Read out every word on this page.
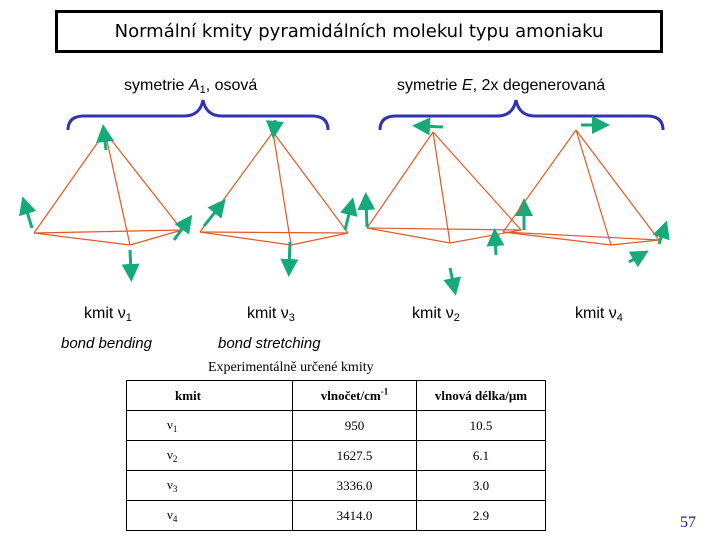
Normální kmity pyramidálních molekul typu amoniaku
symetrie $A_1$, osová	symetrie E, 2x degenerovaná
kmit $\nu_1$	kmit $\nu_3$	kmit $\nu_2$	kmit $\nu_4$
bond bending	bond stretching
Experimentálně určené kmity
kmit	vlnočet/$cm^{-1}$	vlnová délka/μm
$\nu_1$	950	10.5
$\nu_2$	1627.5	6.1
$\nu_3$	3336.0	3.0
$\nu_4$	3414.0	2.9	57
